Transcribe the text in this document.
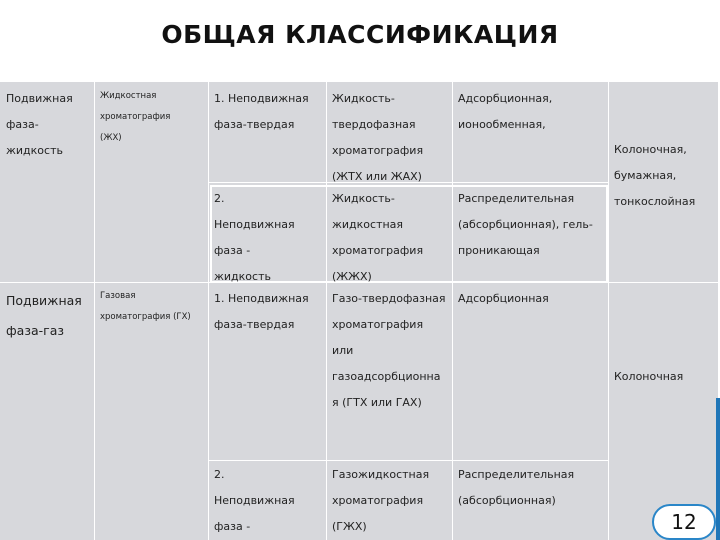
ОБЩАЯ КЛАССИФИКАЦИЯ
Подвижная
фаза-
жидкость
Жидкостная
хроматография
(ЖХ)
1. Неподвижная
фаза-твердая
Жидкость-
твердофазная
хроматография
(ЖТХ или ЖАХ)
Адсорбционная,
ионообменная,
2.
Неподвижная
фаза -
жидкость
Жидкость-
жидкостная
хроматография
(ЖЖХ)
Распределительная
(абсорбционная), гель-
проникающая
Колоночная,
бумажная,
тонкослойная
Подвижная
фаза-газ
Газовая
хроматография (ГХ)
1. Неподвижная
фаза-твердая
Газо-твердофазная
хроматография
или
газоадсорбционна
я (ГТХ или ГАХ)
Адсорбционная
Колоночная
2.
Неподвижная
фаза -
Газожидкостная
хроматография
(ГЖХ)
Распределительная
(абсорбционная)
12
